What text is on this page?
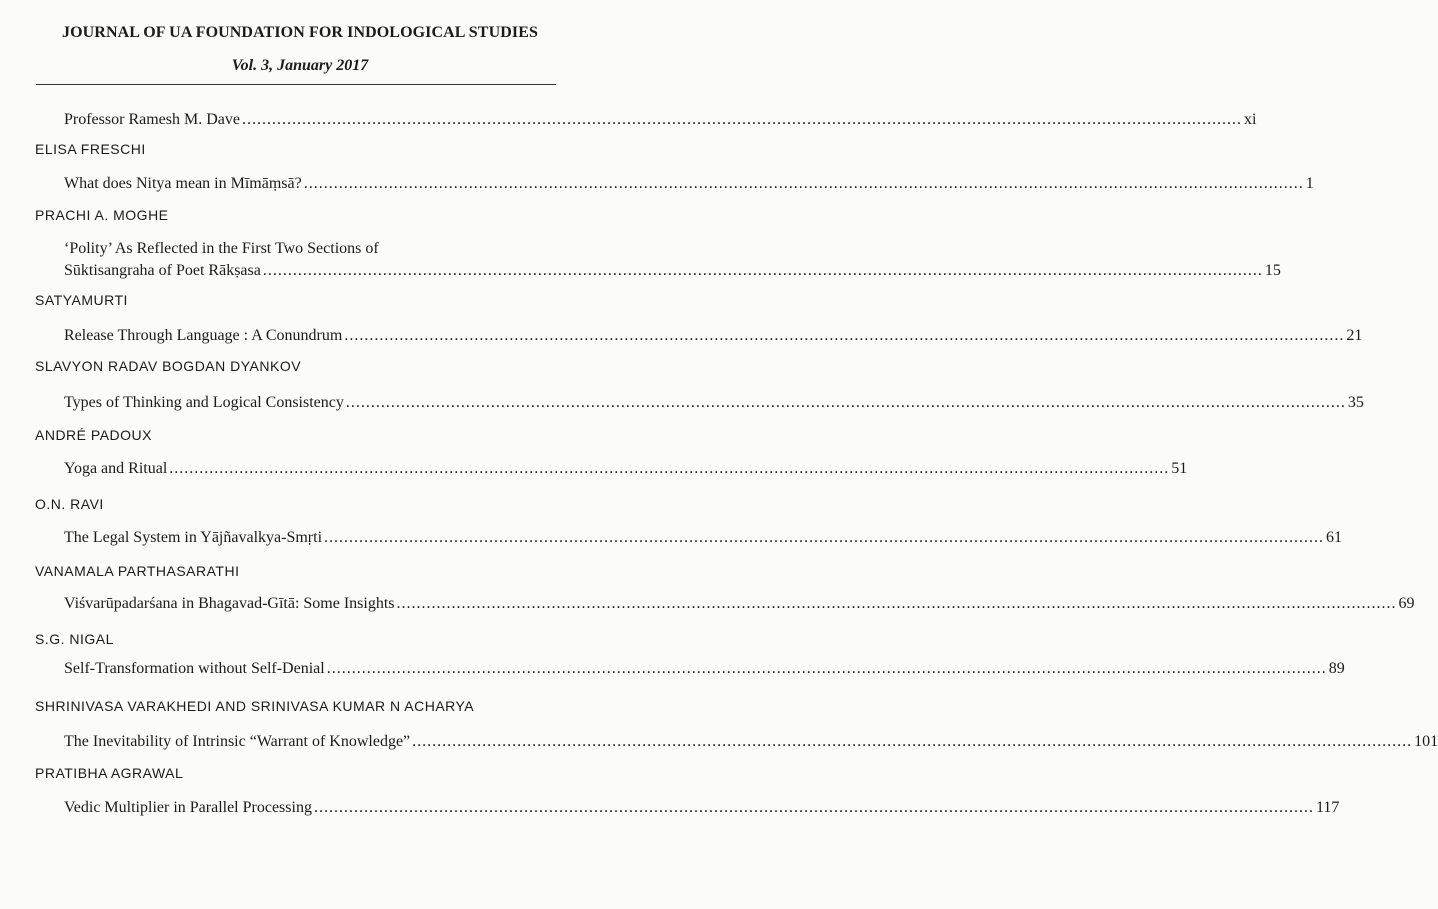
JOURNAL OF UA FOUNDATION FOR INDOLOGICAL STUDIES
Vol. 3, January 2017
Professor Ramesh M. Dave ........................................................................................................................................................................................................ xi
ELISA FRESCHI
What does Nitya mean in Mīmāṃsā? ........................................................................................................................................................................................................ 1
PRACHI A. MOGHE
‘Polity’ As Reflected in the First Two Sections of
Sūktisangraha of Poet Rākṣasa ........................................................................................................................................................................................................ 15
SATYAMURTI
Release Through Language : A Conundrum ........................................................................................................................................................................................................ 21
SLAVYON RADAV BOGDAN DYANKOV
Types of Thinking and Logical Consistency ........................................................................................................................................................................................................ 35
ANDRÉ PADOUX
Yoga and Ritual ........................................................................................................................................................................................................ 51
O.N. RAVI
The Legal System in Yājñavalkya-Smṛti ........................................................................................................................................................................................................ 61
VANAMALA PARTHASARATHI
Viśvarūpadarśana in Bhagavad-Gītā: Some Insights ........................................................................................................................................................................................................ 69
S.G. NIGAL
Self-Transformation without Self-Denial ........................................................................................................................................................................................................ 89
SHRINIVASA VARAKHEDI AND SRINIVASA KUMAR N ACHARYA
The Inevitability of Intrinsic “Warrant of Knowledge” ........................................................................................................................................................................................................ 101
PRATIBHA AGRAWAL
Vedic Multiplier in Parallel Processing ........................................................................................................................................................................................................ 117
